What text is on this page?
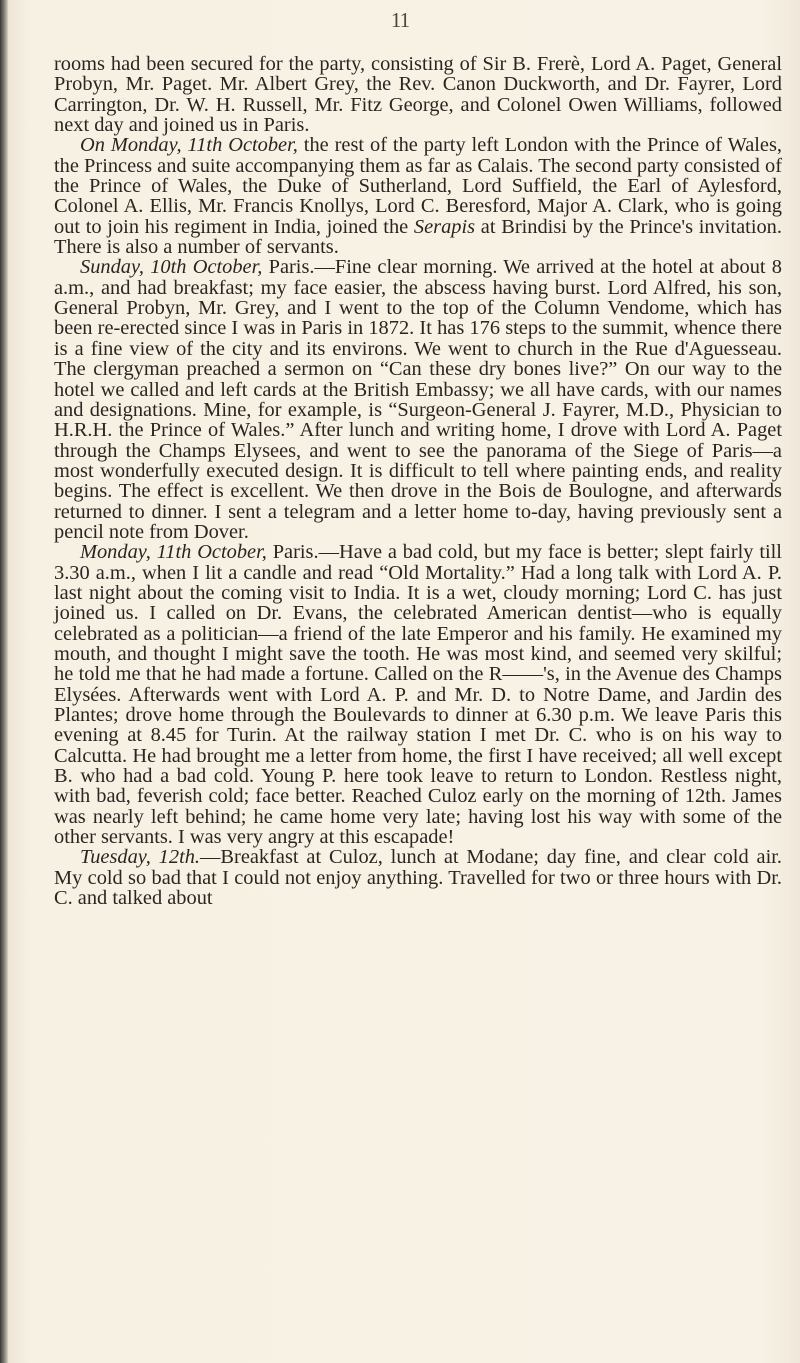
11

rooms had been secured for the party, consisting of Sir B. Frerè, Lord A. Paget, General Probyn, Mr. Paget. Mr. Albert Grey, the Rev. Canon Duckworth, and Dr. Fayrer, Lord Carrington, Dr. W. H. Russell, Mr. Fitz George, and Colonel Owen Williams, followed next day and joined us in Paris.

On Monday, 11th October, the rest of the party left London with the Prince of Wales, the Princess and suite accompanying them as far as Calais. The second party consisted of the Prince of Wales, the Duke of Sutherland, Lord Suffield, the Earl of Aylesford, Colonel A. Ellis, Mr. Francis Knollys, Lord C. Beresford, Major A. Clark, who is going out to join his regiment in India, joined the Serapis at Brindisi by the Prince's invitation. There is also a number of servants.

Sunday, 10th October, Paris.—Fine clear morning. We arrived at the hotel at about 8 a.m., and had breakfast; my face easier, the abscess having burst. Lord Alfred, his son, General Probyn, Mr. Grey, and I went to the top of the Column Vendome, which has been re-erected since I was in Paris in 1872. It has 176 steps to the summit, whence there is a fine view of the city and its environs. We went to church in the Rue d'Aguesseau. The clergyman preached a sermon on “Can these dry bones live?” On our way to the hotel we called and left cards at the British Embassy; we all have cards, with our names and designations. Mine, for example, is “Surgeon-General J. Fayrer, M.D., Physician to H.R.H. the Prince of Wales.” After lunch and writing home, I drove with Lord A. Paget through the Champs Elysees, and went to see the panorama of the Siege of Paris—a most wonderfully executed design. It is difficult to tell where painting ends, and reality begins. The effect is excellent. We then drove in the Bois de Boulogne, and afterwards returned to dinner. I sent a telegram and a letter home to-day, having previously sent a pencil note from Dover.

Monday, 11th October, Paris.—Have a bad cold, but my face is better; slept fairly till 3.30 a.m., when I lit a candle and read “Old Mortality.” Had a long talk with Lord A. P. last night about the coming visit to India. It is a wet, cloudy morning; Lord C. has just joined us. I called on Dr. Evans, the celebrated American dentist—who is equally celebrated as a politician—a friend of the late Emperor and his family. He examined my mouth, and thought I might save the tooth. He was most kind, and seemed very skilful; he told me that he had made a fortune. Called on the R——'s, in the Avenue des Champs Elysées. Afterwards went with Lord A. P. and Mr. D. to Notre Dame, and Jardin des Plantes; drove home through the Boulevards to dinner at 6.30 p.m. We leave Paris this evening at 8.45 for Turin. At the railway station I met Dr. C. who is on his way to Calcutta. He had brought me a letter from home, the first I have received; all well except B. who had a bad cold. Young P. here took leave to return to London. Restless night, with bad, feverish cold; face better. Reached Culoz early on the morning of 12th. James was nearly left behind; he came home very late; having lost his way with some of the other servants. I was very angry at this escapade!

Tuesday, 12th.—Breakfast at Culoz, lunch at Modane; day fine, and clear cold air. My cold so bad that I could not enjoy anything. Travelled for two or three hours with Dr. C. and talked about
